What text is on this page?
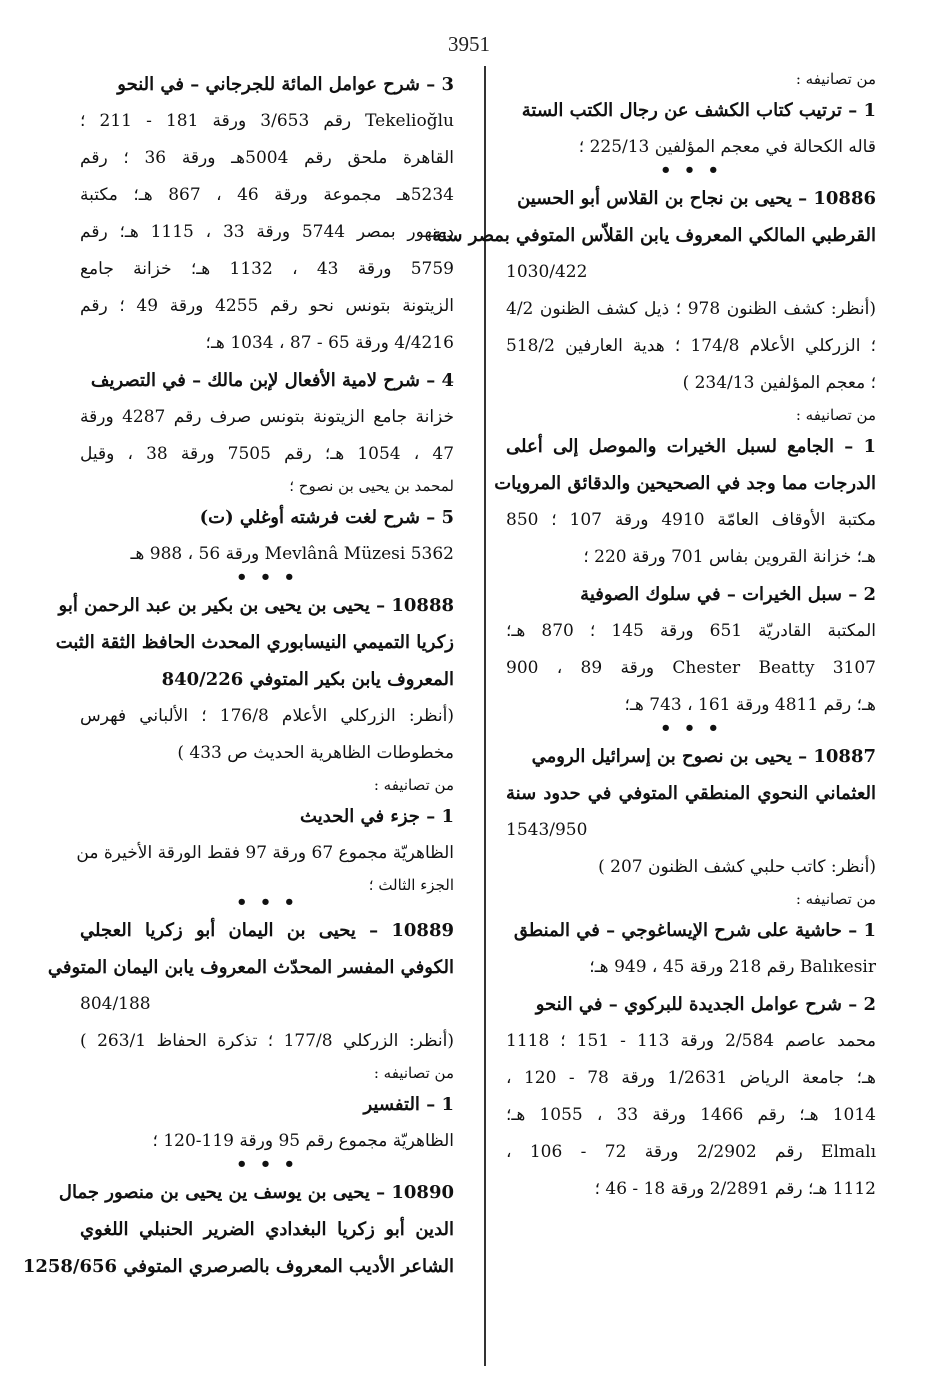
3951
من تصانيفه :
1 – ترتيب كتاب الكشف عن رجال الكتب الستة
قاله الكحالة في معجم المؤلفين 225/13 ؛
• • •
10886 – يحيى بن نجاح بن القلاس أبو الحسين
القرطبي المالكي المعروف يابن القلاّس المتوفي بمصر سنة
1030/422
(أنظر: كشف الظنون 978 ؛ ذيل كشف الظنون 4/2
؛ الزركلي الأعلام 174/8 ؛ هدية العارفين 518/2
؛ معجم المؤلفين 234/13 )
من تصانيفه :
1 – الجامع لسبل الخيرات والموصل إلى أعلى
الدرجات مما وجد في الصحيحين والدقائق المرويات
مكتبة الأوقاف العامّة 4910 ورقة 107 ؛ 850
هـ؛ خزانة القروين بفاس 701 ورقة 220 ؛
2 – سبل الخيرات – في سلوك الصوفية
المكتبة القادريّة 651 ورقة 145 ؛ 870 هـ؛
3107 Chester Beatty ورقة 89 ، 900
هـ؛ رقم 4811 ورقة 161 ، 743 هـ؛
• • •
10887 – يحيى بن نصوح بن إسرائيل الرومي
العثماني النحوي المنطقي المتوفي في حدود سنة
1543/950
(أنظر: كاتب حلبي كشف الظنون 207 )
من تصانيفه :
1 – حاشية على شرح الإيساغوجي – في المنطق
Balıkesir رقم 218 ورقة 45 ، 949 هـ؛
2 – شرح عوامل الجديدة للبركوي – في النحو
محمد عاصم 2/584 ورقة 113 - 151 ؛ 1118
هـ؛ جامعة الرياض 1/2631 ورقة 78 - 120 ،
1014 هـ؛ رقم 1466 ورقة 33 ، 1055 هـ؛
Elmalı رقم 2/2902 ورقة 72 - 106 ،
1112 هـ؛ رقم 2/2891 ورقة 18 - 46 ؛
3 – شرح عوامل المائة للجرجاني – في النحو
Tekelioğlu رقم 3/653 ورقة 181 - 211 ؛
القاهرة ملحق رقم 5004هـ ورقة 36 ؛ رقم
5234هـ مجموعة ورقة 46 ، 867 هـ؛ مكتبة
دمنهور بمصر 5744 ورقة 33 ، 1115 هـ؛ رقم
5759 ورقة 43 ، 1132 هـ؛ خزانة جامع
الزيتونة بتونس نحو رقم 4255 ورقة 49 ؛ رقم
4/4216 ورقة 65 - 87 ، 1034 هـ؛
4 – شرح لامية الأفعال لإبن مالك – في التصريف
خزانة جامع الزيتونة بتونس صرف رقم 4287 ورقة
47 ، 1054 هـ؛ رقم 7505 ورقة 38 ، وقيل
لمحمد بن يحيى بن نصوح ؛
5 – شرح لغت فرشته أوغلي (ت)
5362 Mevlânâ Müzesi ورقة 56 ، 988 هـ
• • •
10888 – يحيى بن يحيى بن بكير بن عبد الرحمن أبو
زكريا التميمي النيسابوري المحدث الحافظ الثقة الثبت
المعروف يابن بكير المتوفي 840/226
(أنظر: الزركلي الأعلام 176/8 ؛ الألباني فهرس
مخطوطات الظاهرية الحديث ص 433 )
من تصانيفه :
1 – جزء في الحديث
الظاهريّة مجموع 67 ورقة 97 فقط الورقة الأخيرة من
الجزء الثالث ؛
• • •
10889 – يحيى بن اليمان أبو زكريا العجلي
الكوفي المفسر المحدّث المعروف يابن اليمان المتوفي
804/188
(أنظر: الزركلي 177/8 ؛ تذكرة الحفاظ 263/1 )
من تصانيفه :
1 – التفسير
الظاهريّة مجموع رقم 95 ورقة 119-120 ؛
• • •
10890 – يحيى بن يوسف ين يحيى بن منصور جمال
الدين أبو زكريا البغدادي الضرير الحنبلي اللغوي
الشاعر الأديب المعروف بالصرصري المتوفي 1258/656
